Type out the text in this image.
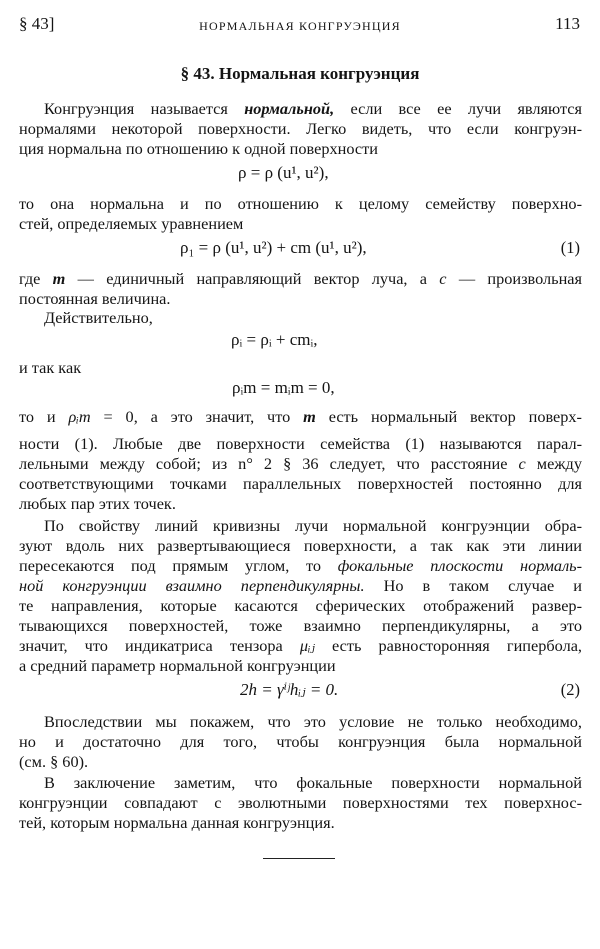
§ 43]	НОРМАЛЬНАЯ КОНГРУЭНЦИЯ	113
§ 43. Нормальная конгруэнция
Конгруэнция называется нормальной, если все ее лучи являются
нормалями некоторой поверхности. Легко видеть, что если конгруэн-
ция нормальна по отношению к одной поверхности
ρ = ρ (u¹, u²),
то она нормальна и по отношению к целому семейству поверхно-
стей, определяемых уравнением
ρ₁ = ρ (u¹, u²) + cm (u¹, u²),	(1)
где m — единичный направляющий вектор луча, а c — произвольная
постоянная величина.
Действительно,
ρᵢ = ρᵢ + cmᵢ,
и так как
ρᵢm = mᵢm = 0,
то и ρᵢm = 0, а это значит, что m есть нормальный вектор поверх-
ности (1). Любые две поверхности семейства (1) называются парал-
лельными между собой; из n° 2 § 36 следует, что расстояние c между
соответствующими точками параллельных поверхностей постоянно для
любых пар этих точек.
По свойству линий кривизны лучи нормальной конгруэнции обра-
зуют вдоль них развертывающиеся поверхности, а так как эти линии
пересекаются под прямым углом, то фокальные плоскости нормаль-
ной конгруэнции взаимно перпендикулярны. Но в таком случае и
те направления, которые касаются сферических отображений развер-
тывающихся поверхностей, тоже взаимно перпендикулярны, а это
значит, что индикатриса тензора μᵢⱼ есть равносторонняя гипербола,
а средний параметр нормальной конгруэнции
2h = γⁱʲhᵢⱼ = 0.	(2)
Впоследствии мы покажем, что это условие не только необходимо,
но и достаточно для того, чтобы конгруэнция была нормальной
(см. § 60).
В заключение заметим, что фокальные поверхности нормальной
конгруэнции совпадают с эволютными поверхностями тех поверхнос-
тей, которым нормальна данная конгруэнция.
